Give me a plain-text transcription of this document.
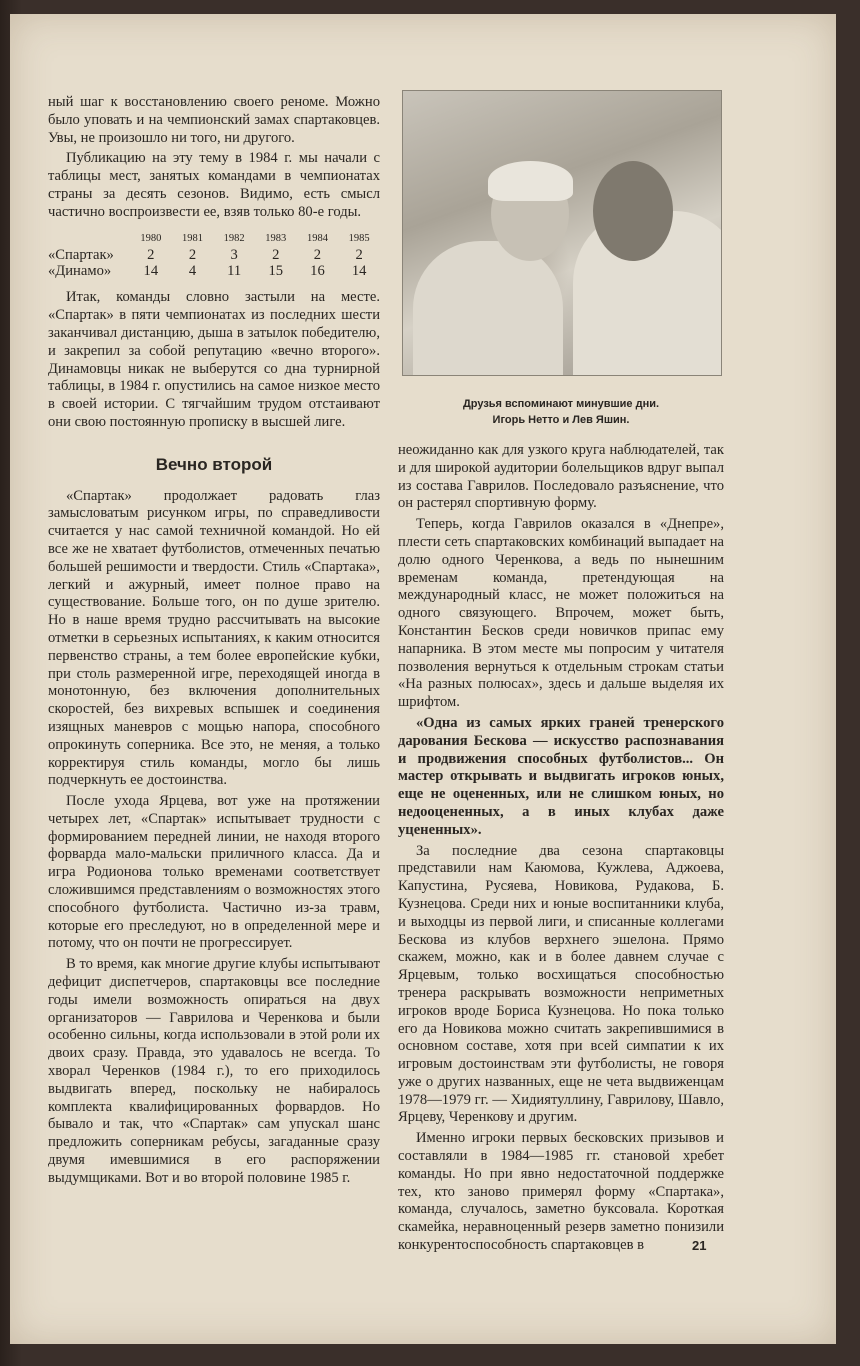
ный шаг к восстановлению своего реноме. Можно было уповать и на чемпионский замах спартаковцев. Увы, не произошло ни того, ни другого.

Публикацию на эту тему в 1984 г. мы начали с таблицы мест, занятых командами в чемпионатах страны за десять сезонов. Видимо, есть смысл частично воспроизвести ее, взяв только 80-е годы.

	1980	1981	1982	1983	1984	1985
«Спартак»	2	2	3	2	2	2
«Динамо»	14	4	11	15	16	14

Итак, команды словно застыли на месте. «Спартак» в пяти чемпионатах из последних шести заканчивал дистанцию, дыша в затылок победителю, и закрепил за собой репутацию «вечно второго». Динамовцы никак не выберутся со дна турнирной таблицы, в 1984 г. опустились на самое низкое место в своей истории. С тягчайшим трудом отстаивают они свою постоянную прописку в высшей лиге.

Вечно второй

«Спартак» продолжает радовать глаз замысловатым рисунком игры, по справедливости считается у нас самой техничной командой. Но ей все же не хватает футболистов, отмеченных печатью большей решимости и твердости. Стиль «Спартака», легкий и ажурный, имеет полное право на существование. Больше того, он по душе зрителю. Но в наше время трудно рассчитывать на высокие отметки в серьезных испытаниях, к каким относится первенство страны, а тем более европейские кубки, при столь размеренной игре, переходящей иногда в монотонную, без включения дополнительных скоростей, без вихревых вспышек и соединения изящных маневров с мощью напора, способного опрокинуть соперника. Все это, не меняя, а только корректируя стиль команды, могло бы лишь подчеркнуть ее достоинства.

После ухода Ярцева, вот уже на протяжении четырех лет, «Спартак» испытывает трудности с формированием передней линии, не находя второго форварда мало-мальски приличного класса. Да и игра Родионова только временами соответствует сложившимся представлениям о возможностях этого способного футболиста. Частично из-за травм, которые его преследуют, но в определенной мере и потому, что он почти не прогрессирует.

В то время, как многие другие клубы испытывают дефицит диспетчеров, спартаковцы все последние годы имели возможность опираться на двух организаторов — Гаврилова и Черенкова и были особенно сильны, когда использовали в этой роли их двоих сразу. Правда, это удавалось не всегда. То хворал Черенков (1984 г.), то его приходилось выдвигать вперед, поскольку не набиралось комплекта квалифицированных форвардов. Но бывало и так, что «Спартак» сам упускал шанс предложить соперникам ребусы, загаданные сразу двумя имевшимися в его распоряжении выдумщиками. Вот и во второй половине 1985 г.

Друзья вспоминают минувшие дни.
Игорь Нетто и Лев Яшин.

неожиданно как для узкого круга наблюдателей, так и для широкой аудитории болельщиков вдруг выпал из состава Гаврилов. Последовало разъяснение, что он растерял спортивную форму.

Теперь, когда Гаврилов оказался в «Днепре», плести сеть спартаковских комбинаций выпадает на долю одного Черенкова, а ведь по нынешним временам команда, претендующая на международный класс, не может положиться на одного связующего. Впрочем, может быть, Константин Бесков среди новичков припас ему напарника. В этом месте мы попросим у читателя позволения вернуться к отдельным строкам статьи «На разных полюсах», здесь и дальше выделяя их шрифтом.

«Одна из самых ярких граней тренерского дарования Бескова — искусство распознавания и продвижения способных футболистов... Он мастер открывать и выдвигать игроков юных, еще не оцененных, или не слишком юных, но недооцененных, а в иных клубах даже уцененных».

За последние два сезона спартаковцы представили нам Каюмова, Кужлева, Аджоева, Капустина, Русяева, Новикова, Рудакова, Б. Кузнецова. Среди них и юные воспитанники клуба, и выходцы из первой лиги, и списанные коллегами Бескова из клубов верхнего эшелона. Прямо скажем, можно, как и в более давнем случае с Ярцевым, только восхищаться способностью тренера раскрывать возможности неприметных игроков вроде Бориса Кузнецова. Но пока только его да Новикова можно считать закрепившимися в основном составе, хотя при всей симпатии к их игровым достоинствам эти футболисты, не говоря уже о других названных, еще не чета выдвиженцам 1978—1979 гг. — Хидиятуллину, Гаврилову, Шавло, Ярцеву, Черенкову и другим.

Именно игроки первых бесковских призывов и составляли в 1984—1985 гг. становой хребет команды. Но при явно недостаточной поддержке тех, кто заново примерял форму «Спартака», команда, случалось, заметно буксовала. Короткая скамейка, неравноценный резерв заметно понизили конкурентоспособность спартаковцев в	21
